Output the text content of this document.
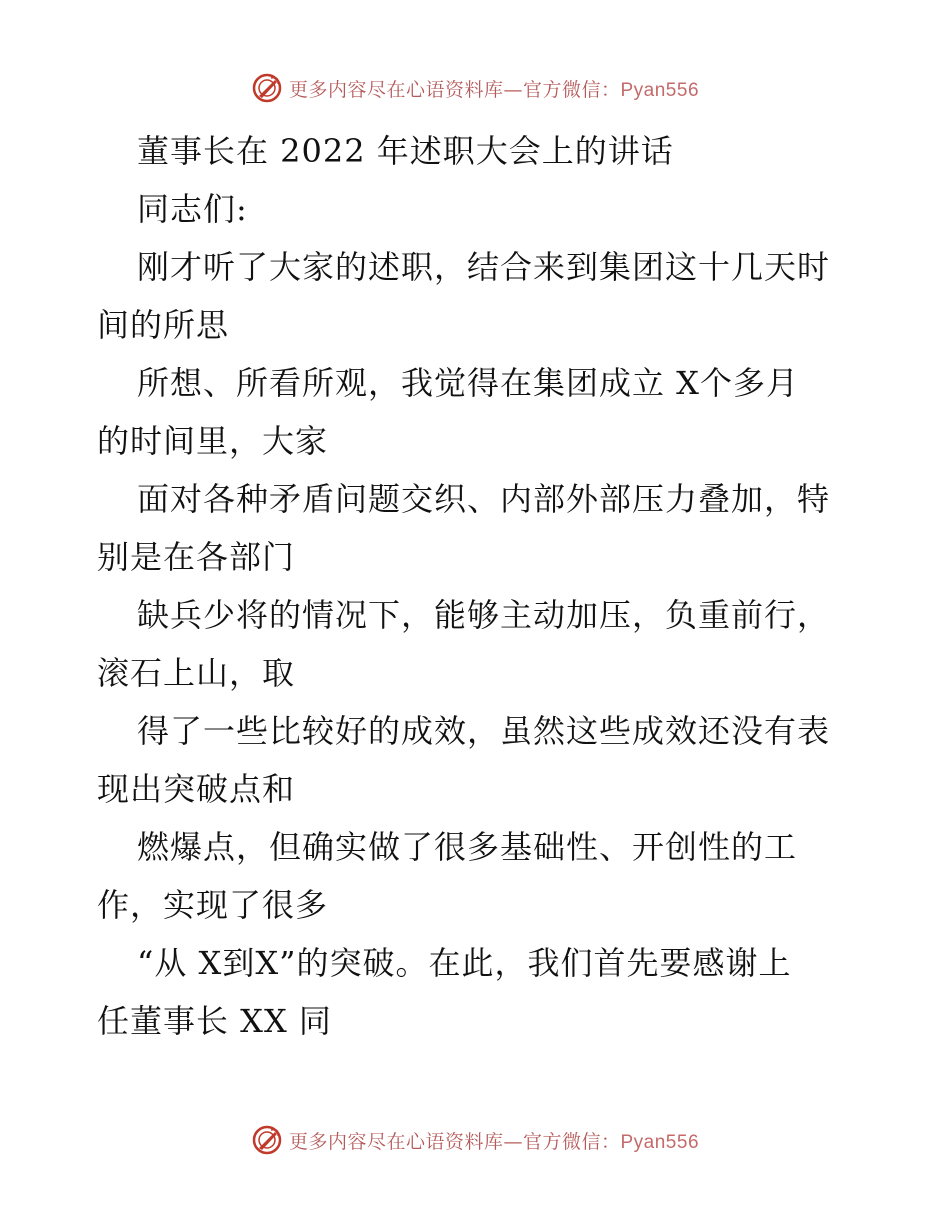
更多内容尽在心语资料库—官方微信：Pyan556
董事长在 2022 年述职大会上的讲话
同志们:
刚才听了大家的述职，结合来到集团这十几天时
间的所思
所想、所看所观，我觉得在集团成立 X个多月
的时间里，大家
面对各种矛盾问题交织、内部外部压力叠加，特
别是在各部门
缺兵少将的情况下，能够主动加压，负重前行，
滚石上山，取
得了一些比较好的成效，虽然这些成效还没有表
现出突破点和
燃爆点，但确实做了很多基础性、开创性的工
作，实现了很多
“从 X到X”的突破。在此，我们首先要感谢上
任董事长 XX 同
更多内容尽在心语资料库—官方微信：Pyan556
